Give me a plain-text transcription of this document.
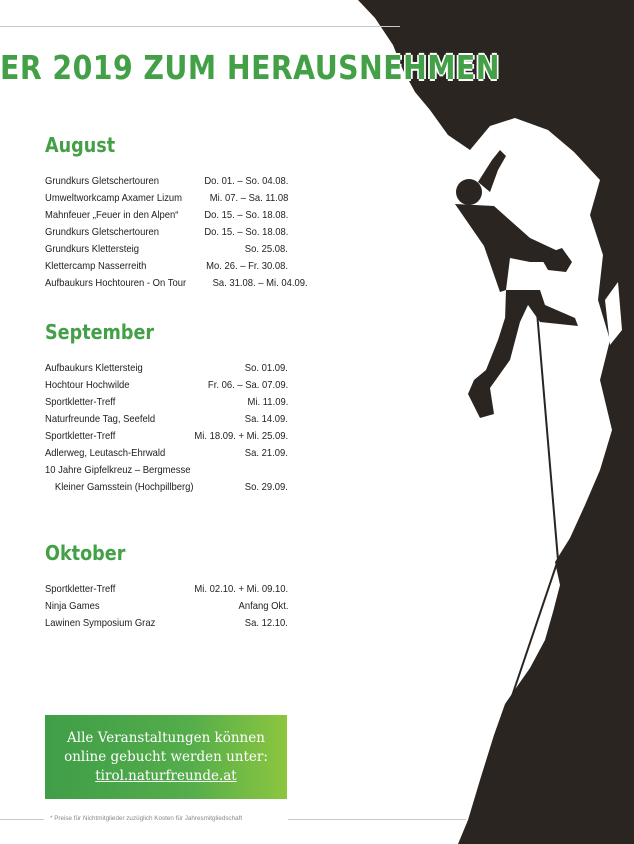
ER 2019 ZUM HERAUSNEHMEN
August
Grundkurs Gletschertouren	Do. 01. – So. 04.08.
Umweltworkcamp Axamer Lizum	Mi. 07. – Sa. 11.08
Mahnfeuer „Feuer in den Alpen“ Do. 15. – So. 18.08.
Grundkurs Gletschertouren	Do. 15. – So. 18.08.
Grundkurs Klettersteig	So. 25.08.
Klettercamp Nasserreith	Mo. 26. – Fr. 30.08.
Aufbaukurs Hochtouren - On Tour Sa. 31.08. – Mi. 04.09.
September
Aufbaukurs Klettersteig	So. 01.09.
Hochtour Hochwilde	Fr. 06. – Sa. 07.09.
Sportkletter-Treff	Mi. 11.09.
Naturfreunde Tag, Seefeld	Sa. 14.09.
Sportkletter-Treff	Mi. 18.09. + Mi. 25.09.
Adlerweg, Leutasch-Ehrwald	Sa. 21.09.
10 Jahre Gipfelkreuz – Bergmesse
Kleiner Gamsstein (Hochpillberg)	So. 29.09.
Oktober
Sportkletter-Treff	Mi. 02.10. + Mi. 09.10.
Ninja Games	Anfang Okt.
Lawinen Symposium Graz	Sa. 12.10.
Alle Veranstaltungen können
online gebucht werden unter:
tirol.naturfreunde.at
* Preise für Nichtmitglieder zuzüglich Kosten für Jahresmitgliedschaft
